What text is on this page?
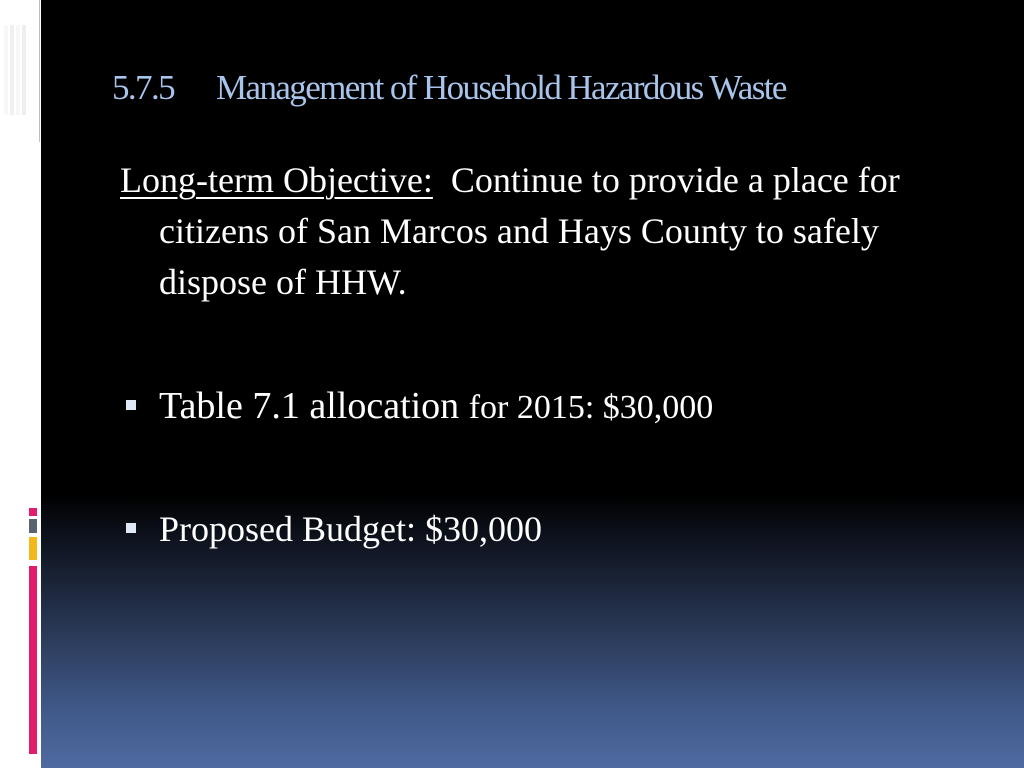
5.7.5 Management of Household Hazardous Waste

Long-term Objective: Continue to provide a place for citizens of San Marcos and Hays County to safely dispose of HHW.

Table 7.1 allocation for 2015: $30,000
Proposed Budget: $30,000
